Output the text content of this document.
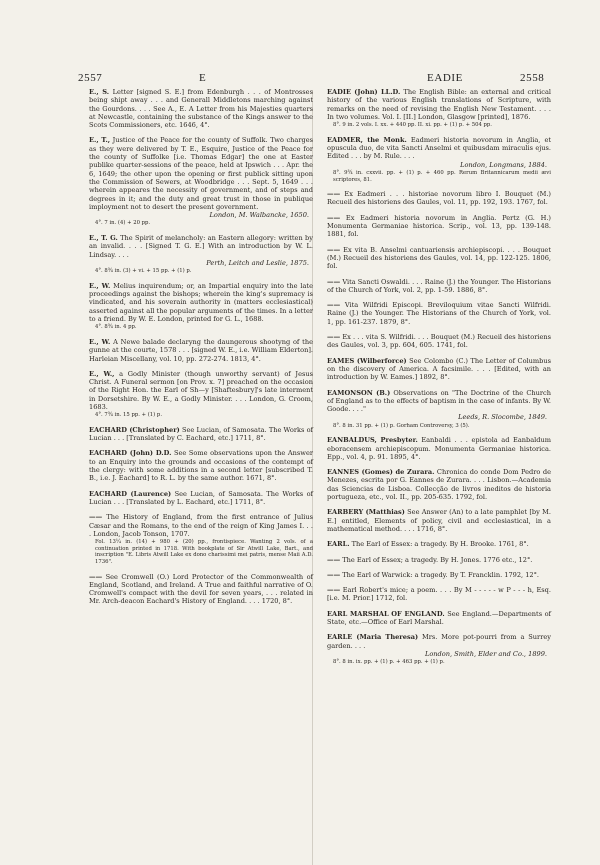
2557	E	EADIE	2558

E., S. Letter [signed S. E.] from Edenburgh . . . of Montrosses being shipt away . . . and Generall Middletons marching against the Gourdons. . . . See A., E. A Letter from his Majesties quarters at Newcastle, containing the substance of the Kings answer to the Scots Commissioners, etc. 1646, 4°.

E., T., Justice of the Peace for the county of Suffolk. Two charges as they were delivered by T. E., Esquire, Justice of the Peace for the county of Suffolke [i.e. Thomas Edgar] the one at Easter publike quarter-sessions of the peace, held at Ipswich . . . Apr. the 6, 1649; the other upon the opening or first publick sitting upon the Commission of Sewers, at Woodbridge . . . Sept. 5, 1649 . . . wherein appeares the necessity of government, and of steps and degrees in it; and the duty and great trust in those in publique imployment not to desert the present government.

London, M. Walbancke, 1650.
4°. 7 in. (4) + 20 pp.

E., T. G. The Spirit of melancholy: an Eastern allegory: written by an invalid. . . . [Signed T. G. E.] With an introduction by W. L. Lindsay. . . .

Perth, Leitch and Leslie, 1875.
4°. 8¾ in. (3) + vi. + 15 pp. + (1) p.

E., W. Melius inquirendum; or, an Impartial enquiry into the late proceedings against the bishops; wherein the king's supremacy is vindicated, and his soverain authority in (matters ecclesiastical) asserted against all the popular arguments of the times. In a letter to a friend. By W. E. London, printed for G. L., 1688.

4°. 8¾ in. 4 pp.

E., W. A Newe balade declaryng the daungerous shootyng of the gunne at the courte, 1578 . . . [signed W. E., i.e. William Elderton]. Harleian Miscellany, vol. 10, pp. 272-274. 1813, 4°.

E., W., a Godly Minister (though unworthy servant) of Jesus Christ. A Funeral sermon [on Prov. x. 7] preached on the occasion of the Right Hon. the Earl of Sh—y [Shaftesbury]'s late interment in Dorsetshire. By W. E., a Godly Minister. . . . London, G. Croom, 1683.

4°. 7¾ in. 15 pp. + (1) p.

EACHARD (Christopher) See Lucian, of Samosata. The Works of Lucian . . . [Translated by C. Eachard, etc.] 1711, 8°.

EACHARD (John) D.D. See Some observations upon the Answer to an Enquiry into the grounds and occasions of the contempt of the clergy: with some additions in a second letter [subscribed T. B., i.e. J. Eachard] to R. L. by the same author. 1671, 8°.

EACHARD (Laurence) See Lucian, of Samosata. The Works of Lucian . . . [Translated by L. Eachard, etc.] 1711, 8°.

—— The History of England, from the first entrance of Julius Cæsar and the Romans, to the end of the reign of King James I. . . . London, Jacob Tonson, 1707.

Fol. 13¼ in. (14) + 980 + (20) pp., frontispiece. Wanting 2 vols. of a continuation printed in 1718. With bookplate of Sir Atwill Lake, Bart., and inscription "E. Libris Atwill Lake ex dono charissimi mei patris, mense Maii A.D. 1736".

—— See Cromwell (O.) Lord Protector of the Commonwealth of England, Scotland, and Ireland. A True and faithful narrative of O. Cromwell's compact with the devil for seven years, . . . related in Mr. Arch-deacon Eachard's History of England. . . . 1720, 8°.

EADIE (John) LL.D. The English Bible: an external and critical history of the various English translations of Scripture, with remarks on the need of revising the English New Testament. . . . In two volumes. Vol. I. [II.] London, Glasgow [printed], 1876.

8°. 9 in. 2 vols. I. xx. + 440 pp. II. xi. pp. + (1) p. + 504 pp.

EADMER, the Monk. Eadmeri historia novorum in Anglia, et opuscula duo, de vita Sancti Anselmi et quibusdam miraculis ejus. Edited . . . by M. Rule. . . .

London, Longmans, 1884.
8°. 9¾ in. cxxvii. pp. + (1) p. + 460 pp. Rerum Britannicarum medii ævi scriptores, 81.

—— Ex Eadmeri . . . historiae novorum libro I. Bouquet (M.) Recueil des historiens des Gaules, vol. 11, pp. 192, 193. 1767, fol.

—— Ex Eadmeri historia novorum in Anglia. Pertz (G. H.) Monumenta Germaniae historica. Scrip., vol. 13, pp. 139-148. 1881, fol.

—— Ex vita B. Anselmi cantuariensis archiepiscopi. . . . Bouquet (M.) Recueil des historiens des Gaules, vol. 14, pp. 122-125. 1806, fol.

—— Vita Sancti Oswaldi. . . . Raine (J.) the Younger. The Historians of the Church of York, vol. 2, pp. 1-59. 1886, 8°.

—— Vita Wilfridi Episcopi. Breviloquium vitae Sancti Wilfridi. Raine (J.) the Younger. The Historians of the Church of York, vol. 1, pp. 161-237. 1879, 8°.

—— Ex . . . vita S. Wilfridi. . . . Bouquet (M.) Recueil des historiens des Gaules, vol. 3, pp. 604, 605. 1741, fol.

EAMES (Wilberforce) See Colombo (C.) The Letter of Columbus on the discovery of America. A facsimile. . . . [Edited, with an introduction by W. Eames.] 1892, 8°.

EAMONSON (B.) Observations on "The Doctrine of the Church of England as to the effects of baptism in the case of infants. By W. Goode. . . ."

Leeds, R. Slocombe, 1849.
8°. 8 in. 31 pp. + (1) p. Gorham Controversy, 3 (5).

EANBALDUS, Presbyter. Eanbaldi . . . epistola ad Eanbaldum eboracensem archiepiscopum. Monumenta Germaniae historica. Epp., vol. 4, p. 91. 1895, 4°.

EANNES (Gomes) de Zurara. Chronica do conde Dom Pedro de Menezes, escrita por G. Eannes de Zurara. . . . Lisbon.—Academia das Sciencias de Lisboa. Collecção de livros ineditos de historia portugueza, etc., vol. II., pp. 205-635. 1792, fol.

EARBERY (Matthias) See Answer (An) to a late pamphlet [by M. E.] entitled, Elements of policy, civil and ecclesiastical, in a mathematical method. . . . 1716, 8°.

EARL. The Earl of Essex: a tragedy. By H. Brooke. 1761, 8°.

—— The Earl of Essex; a tragedy. By H. Jones. 1776 etc., 12°.

—— The Earl of Warwick: a tragedy. By T. Francklin. 1792, 12°.

—— Earl Robert's mice; a poem. . . . By M - - - - - w P - - - h, Esq. [i.e. M. Prior.] 1712, fol.

EARL MARSHAL OF ENGLAND. See England.—Departments of State, etc.—Office of Earl Marshal.

EARLE (Maria Theresa) Mrs. More pot-pourri from a Surrey garden. . . .

London, Smith, Elder and Co., 1899.
8°. 8 in. ix. pp. + (1) p. + 463 pp. + (1) p.
